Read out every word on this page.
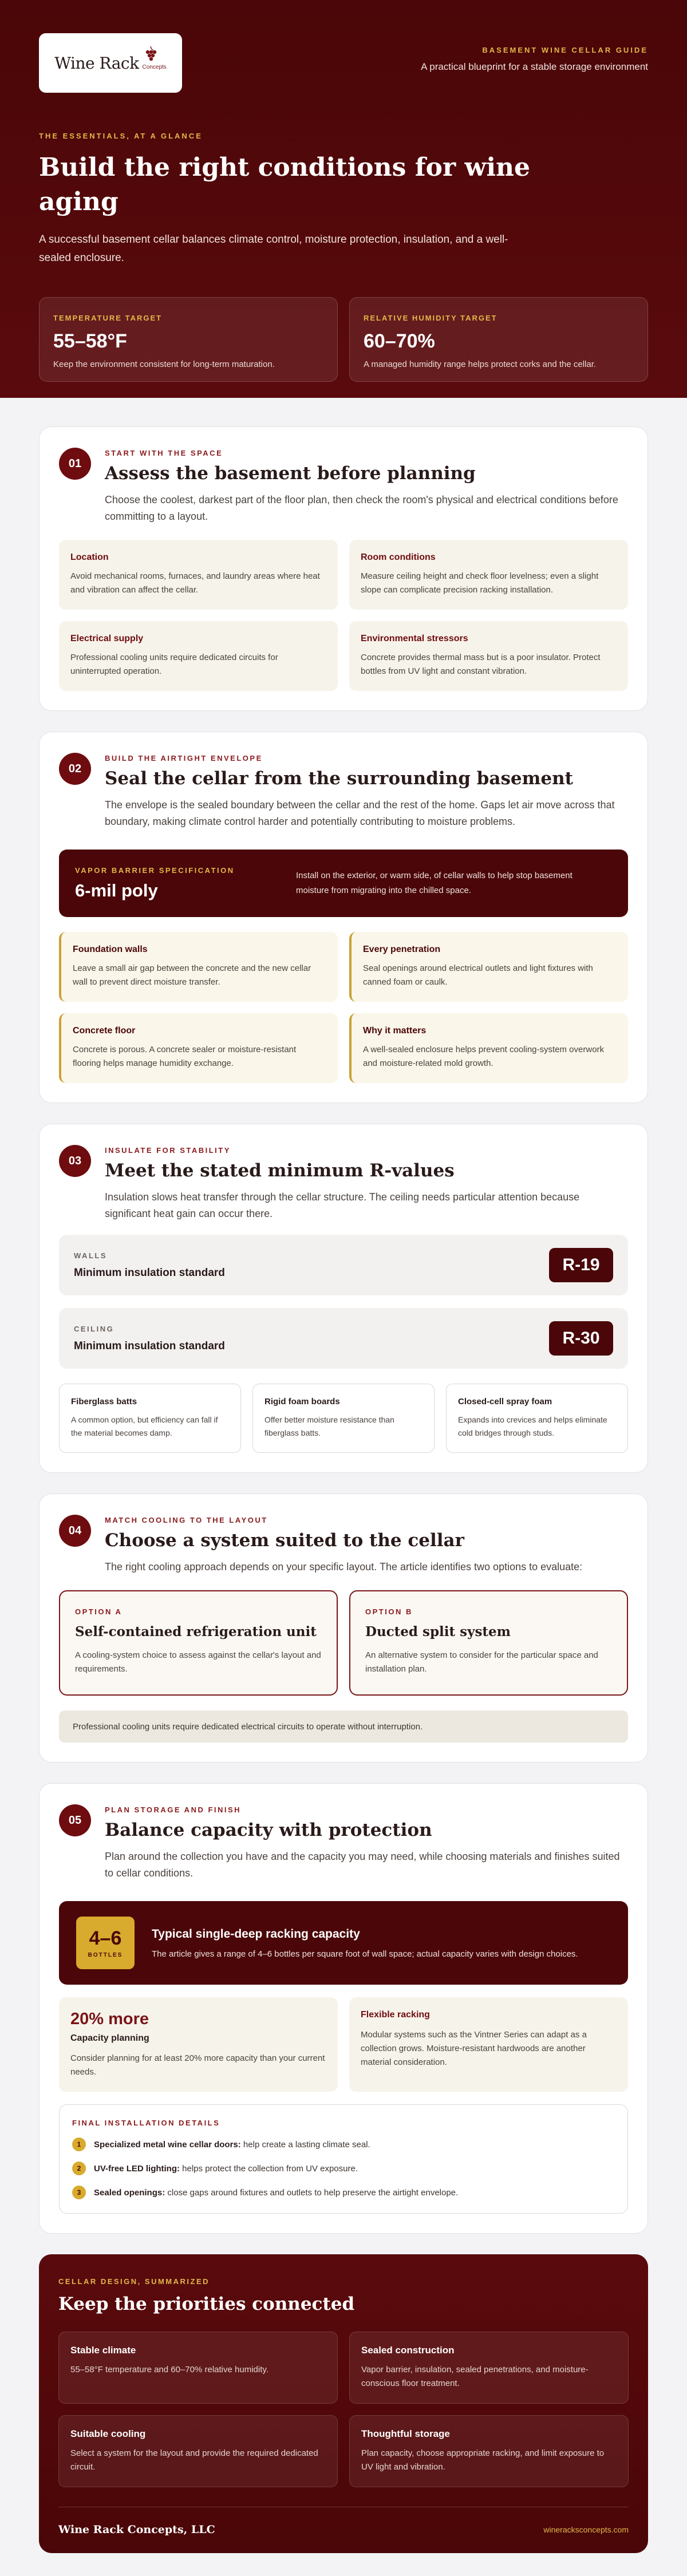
Wine Rack Concepts
BASEMENT WINE CELLAR GUIDE
A practical blueprint for a stable storage environment
THE ESSENTIALS, AT A GLANCE
Build the right conditions for wine aging

A successful basement cellar balances climate control, moisture protection, insulation, and a well-sealed enclosure.

TEMPERATURE TARGET
55–58°F
Keep the environment consistent for long-term maturation.
RELATIVE HUMIDITY TARGET
60–70%
A managed humidity range helps protect corks and the cellar.
01
START WITH THE SPACE
Assess the basement before planning

Choose the coolest, darkest part of the floor plan, then check the room's physical and electrical conditions before committing to a layout.

Location
Avoid mechanical rooms, furnaces, and laundry areas where heat and vibration can affect the cellar.
Room conditions
Measure ceiling height and check floor levelness; even a slight slope can complicate precision racking installation.
Electrical supply
Professional cooling units require dedicated circuits for uninterrupted operation.
Environmental stressors
Concrete provides thermal mass but is a poor insulator. Protect bottles from UV light and constant vibration.
02
BUILD THE AIRTIGHT ENVELOPE
Seal the cellar from the surrounding basement

The envelope is the sealed boundary between the cellar and the rest of the home. Gaps let air move across that boundary, making climate control harder and potentially contributing to moisture problems.

VAPOR BARRIER SPECIFICATION
6-mil poly
Install on the exterior, or warm side, of cellar walls to help stop basement moisture from migrating into the chilled space.
Foundation walls
Leave a small air gap between the concrete and the new cellar wall to prevent direct moisture transfer.
Every penetration
Seal openings around electrical outlets and light fixtures with canned foam or caulk.
Concrete floor
Concrete is porous. A concrete sealer or moisture-resistant flooring helps manage humidity exchange.
Why it matters
A well-sealed enclosure helps prevent cooling-system overwork and moisture-related mold growth.
03
INSULATE FOR STABILITY
Meet the stated minimum R-values

Insulation slows heat transfer through the cellar structure. The ceiling needs particular attention because significant heat gain can occur there.

WALLS
Minimum insulation standard	R-19
CEILING
Minimum insulation standard	R-30
Fiberglass batts
A common option, but efficiency can fall if the material becomes damp.
Rigid foam boards
Offer better moisture resistance than fiberglass batts.
Closed-cell spray foam
Expands into crevices and helps eliminate cold bridges through studs.
04
MATCH COOLING TO THE LAYOUT
Choose a system suited to the cellar

The right cooling approach depends on your specific layout. The article identifies two options to evaluate:

OPTION A
Self-contained refrigeration unit
A cooling-system choice to assess against the cellar's layout and requirements.
OPTION B
Ducted split system
An alternative system to consider for the particular space and installation plan.
Professional cooling units require dedicated electrical circuits to operate without interruption.
05
PLAN STORAGE AND FINISH
Balance capacity with protection

Plan around the collection you have and the capacity you may need, while choosing materials and finishes suited to cellar conditions.

4–6
BOTTLES
Typical single-deep racking capacity
The article gives a range of 4–6 bottles per square foot of wall space; actual capacity varies with design choices.
20% more
Capacity planning
Consider planning for at least 20% more capacity than your current needs.
Flexible racking
Modular systems such as the Vintner Series can adapt as a collection grows. Moisture-resistant hardwoods are another material consideration.
FINAL INSTALLATION DETAILS
1	Specialized metal wine cellar doors: help create a lasting climate seal.
2	UV-free LED lighting: helps protect the collection from UV exposure.
3	Sealed openings: close gaps around fixtures and outlets to help preserve the airtight envelope.
CELLAR DESIGN, SUMMARIZED
Keep the priorities connected
Stable climate
55–58°F temperature and 60–70% relative humidity.
Sealed construction
Vapor barrier, insulation, sealed penetrations, and moisture-conscious floor treatment.
Suitable cooling
Select a system for the layout and provide the required dedicated circuit.
Thoughtful storage
Plan capacity, choose appropriate racking, and limit exposure to UV light and vibration.
Wine Rack Concepts, LLC	wineracksconcepts.com
